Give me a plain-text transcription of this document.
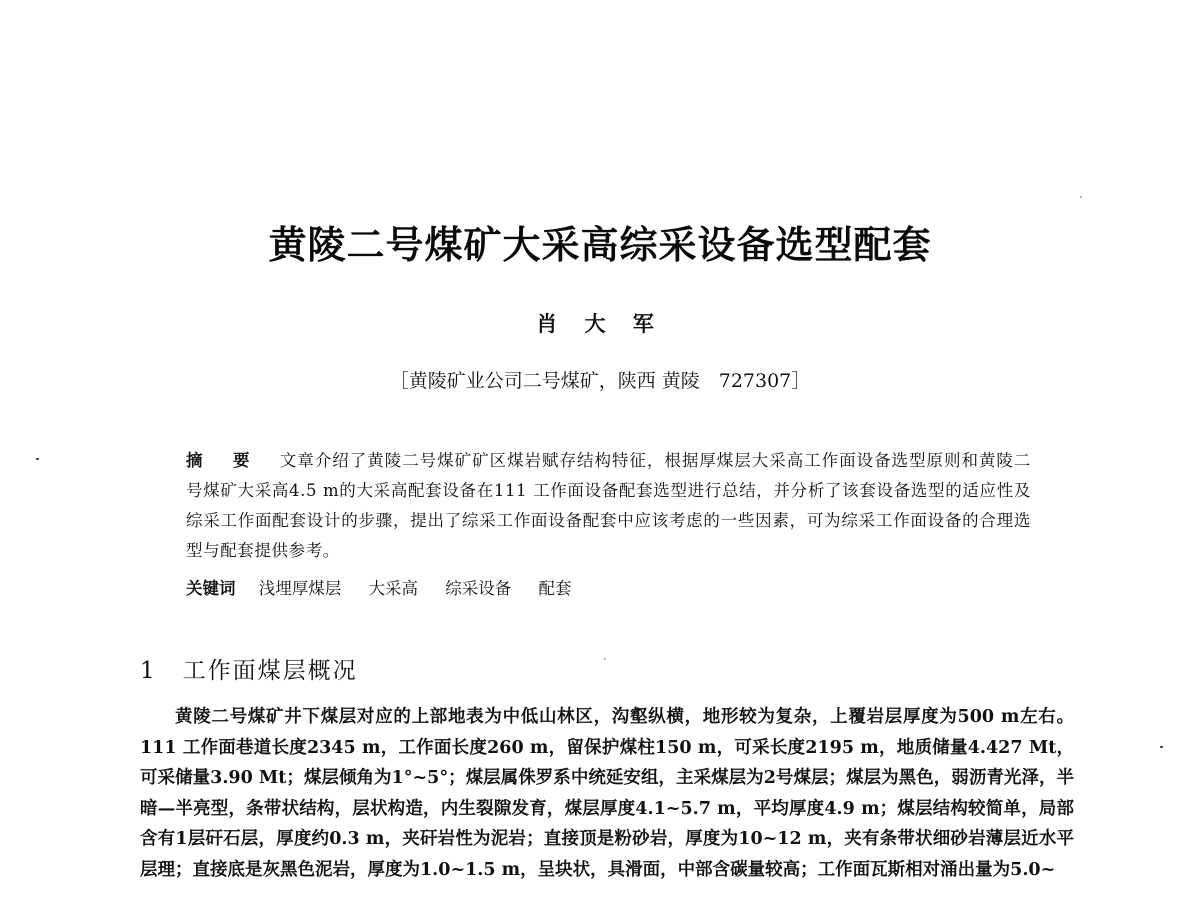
黄陵二号煤矿大采高综采设备选型配套
肖 大 军
［黄陵矿业公司二号煤矿，陕西 黄陵　727307］
摘 要 文章介绍了黄陵二号煤矿矿区煤岩赋存结构特征，根据厚煤层大采高工作面设备选型原则和黄陵二号煤矿大采高4.5 m的大采高配套设备在111 工作面设备配套选型进行总结，并分析了该套设备选型的适应性及综采工作面配套设计的步骤，提出了综采工作面设备配套中应该考虑的一些因素，可为综采工作面设备的合理选型与配套提供参考。
关键词 浅埋厚煤层 大采高 综采设备 配套
1 工作面煤层概况
黄陵二号煤矿井下煤层对应的上部地表为中低山林区，沟壑纵横，地形较为复杂，上覆岩层厚度为500 m左右。111 工作面巷道长度2345 m，工作面长度260 m，留保护煤柱150 m，可采长度2195 m，地质储量4.427 Mt，可采储量3.90 Mt；煤层倾角为1°~5°；煤层属侏罗系中统延安组，主采煤层为2号煤层；煤层为黑色，弱沥青光泽，半暗—半亮型，条带状结构，层状构造，内生裂隙发育，煤层厚度4.1~5.7 m，平均厚度4.9 m；煤层结构较简单，局部含有1层矸石层，厚度约0.3 m，夹矸岩性为泥岩；直接顶是粉砂岩，厚度为10~12 m，夹有条带状细砂岩薄层近水平层理；直接底是灰黑色泥岩，厚度为1.0~1.5 m，呈块状，具滑面，中部含碳量较高；工作面瓦斯相对涌出量为5.0~
